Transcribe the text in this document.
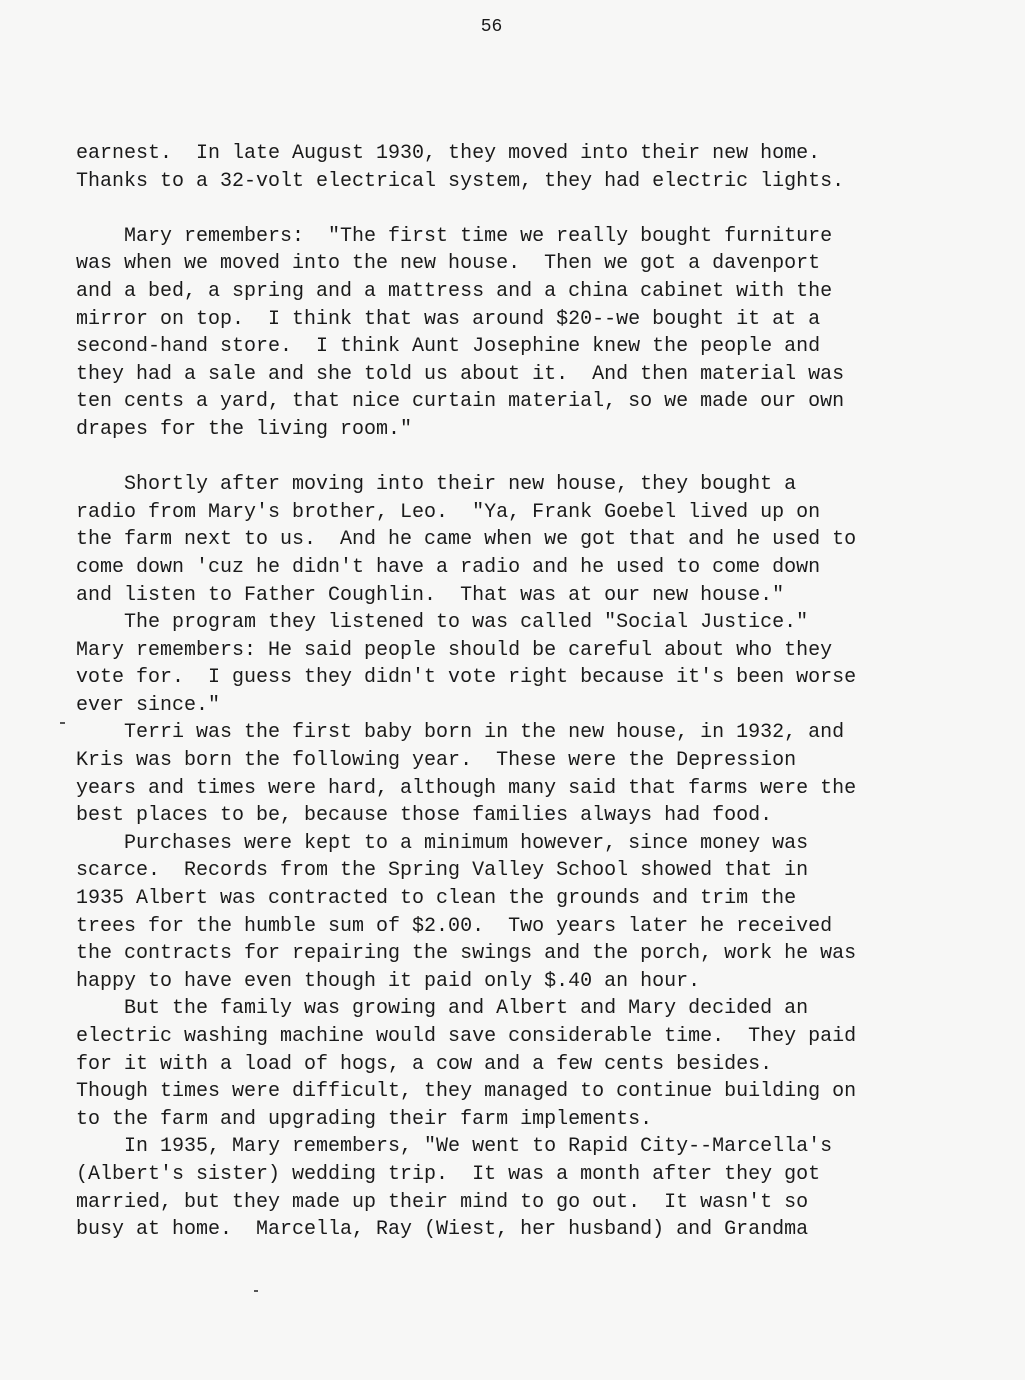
56
earnest.  In late August 1930, they moved into their new home.
Thanks to a 32-volt electrical system, they had electric lights.
Mary remembers:  "The first time we really bought furniture
was when we moved into the new house.  Then we got a davenport
and a bed, a spring and a mattress and a china cabinet with the
mirror on top.  I think that was around $20--we bought it at a
second-hand store.  I think Aunt Josephine knew the people and
they had a sale and she told us about it.  And then material was
ten cents a yard, that nice curtain material, so we made our own
drapes for the living room."
Shortly after moving into their new house, they bought a
radio from Mary's brother, Leo.  "Ya, Frank Goebel lived up on
the farm next to us.  And he came when we got that and he used to
come down 'cuz he didn't have a radio and he used to come down
and listen to Father Coughlin.  That was at our new house."
The program they listened to was called "Social Justice."
Mary remembers: He said people should be careful about who they
vote for.  I guess they didn't vote right because it's been worse
ever since."
Terri was the first baby born in the new house, in 1932, and
Kris was born the following year.  These were the Depression
years and times were hard, although many said that farms were the
best places to be, because those families always had food.
Purchases were kept to a minimum however, since money was
scarce.  Records from the Spring Valley School showed that in
1935 Albert was contracted to clean the grounds and trim the
trees for the humble sum of $2.00.  Two years later he received
the contracts for repairing the swings and the porch, work he was
happy to have even though it paid only $.40 an hour.
But the family was growing and Albert and Mary decided an
electric washing machine would save considerable time.  They paid
for it with a load of hogs, a cow and a few cents besides.
Though times were difficult, they managed to continue building on
to the farm and upgrading their farm implements.
In 1935, Mary remembers, "We went to Rapid City--Marcella's
(Albert's sister) wedding trip.  It was a month after they got
married, but they made up their mind to go out.  It wasn't so
busy at home.  Marcella, Ray (Wiest, her husband) and Grandma
